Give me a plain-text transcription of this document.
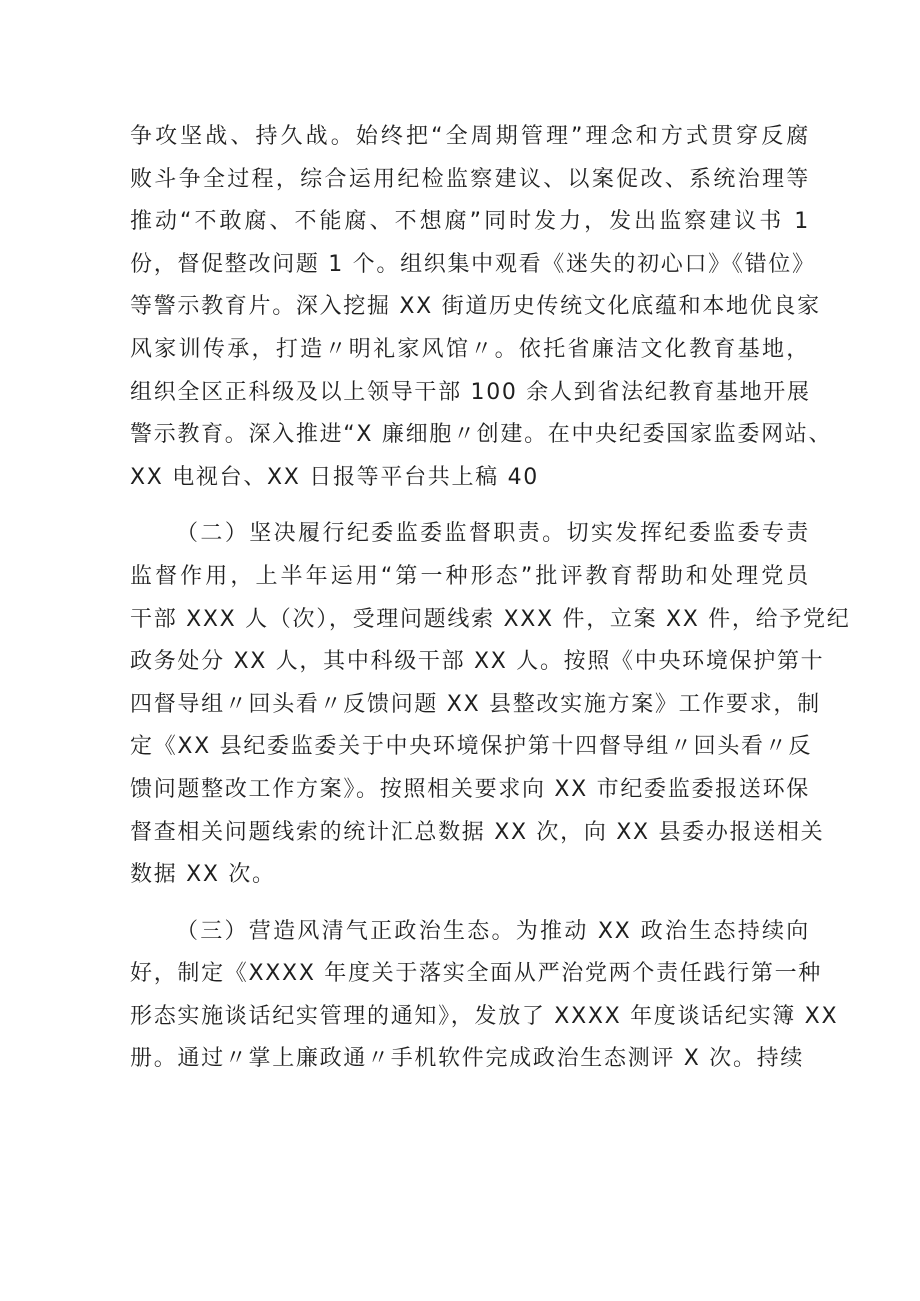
争攻坚战、持久战。始终把“全周期管理”理念和方式贯穿反腐
败斗争全过程，综合运用纪检监察建议、以案促改、系统治理等
推动“不敢腐、不能腐、不想腐”同时发力，发出监察建议书 1
份，督促整改问题 1 个。组织集中观看《迷失的初心口》《错位》
等警示教育片。深入挖掘 XX 街道历史传统文化底蕴和本地优良家
风家训传承，打造〃明礼家风馆〃。依托省廉洁文化教育基地，
组织全区正科级及以上领导干部 100 余人到省法纪教育基地开展
警示教育。深入推进“X 廉细胞〃创建。在中央纪委国家监委网站、
XX 电视台、XX 日报等平台共上稿 40
（二）坚决履行纪委监委监督职责。切实发挥纪委监委专责
监督作用，上半年运用“第一种形态”批评教育帮助和处理党员
干部 XXX 人（次），受理问题线索 XXX 件，立案 XX 件，给予党纪
政务处分 XX 人，其中科级干部 XX 人。按照《中央环境保护第十
四督导组〃回头看〃反馈问题 XX 县整改实施方案》工作要求，制
定《XX 县纪委监委关于中央环境保护第十四督导组〃回头看〃反
馈问题整改工作方案》。按照相关要求向 XX 市纪委监委报送环保
督查相关问题线索的统计汇总数据 XX 次，向 XX 县委办报送相关
数据 XX 次。
（三）营造风清气正政治生态。为推动 XX 政治生态持续向
好，制定《XXXX 年度关于落实全面从严治党两个责任践行第一种
形态实施谈话纪实管理的通知》，发放了 XXXX 年度谈话纪实簿 XX
册。通过〃掌上廉政通〃手机软件完成政治生态测评 X 次。持续
